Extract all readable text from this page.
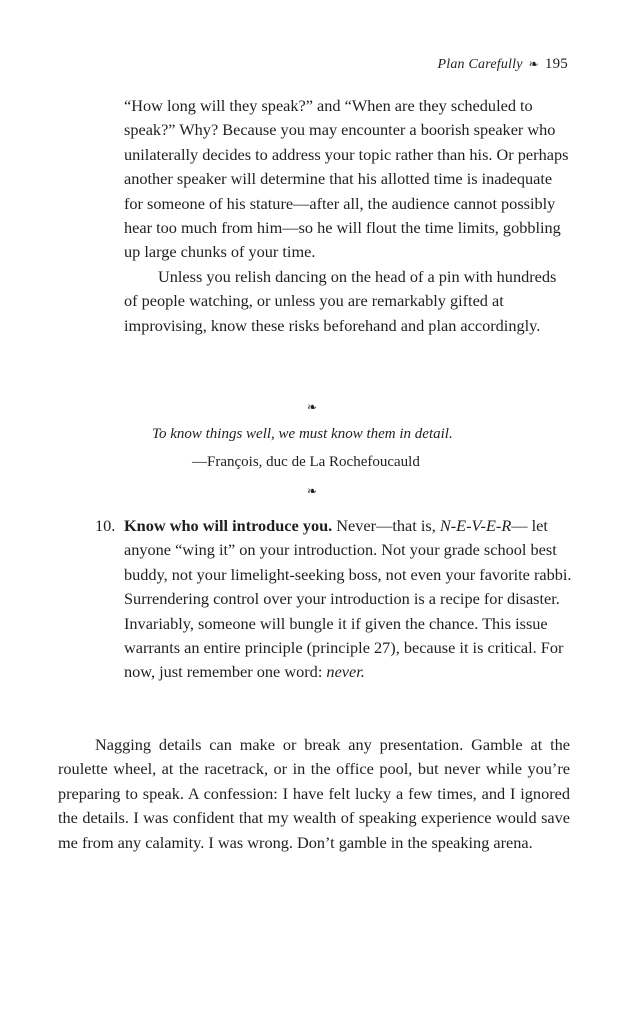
Plan Carefully ❧ 195

“How long will they speak?” and “When are they scheduled to speak?” Why? Because you may encounter a boorish speaker who unilaterally decides to address your topic rather than his. Or perhaps another speaker will determine that his allotted time is inadequate for someone of his stature—after all, the audience cannot possibly hear too much from him—so he will flout the time limits, gobbling up large chunks of your time.

Unless you relish dancing on the head of a pin with hundreds of people watching, or unless you are remarkably gifted at improvising, know these risks beforehand and plan accordingly.

❧
To know things well, we must know them in detail.
—François, duc de La Rochefoucauld
❧
10. Know who will introduce you. Never—that is, N-E-V-E-R— let anyone “wing it” on your introduction. Not your grade school best buddy, not your limelight-seeking boss, not even your favorite rabbi. Surrendering control over your introduction is a recipe for disaster. Invariably, someone will bungle it if given the chance. This issue warrants an entire principle (principle 27), because it is critical. For now, just remember one word: never.

Nagging details can make or break any presentation. Gamble at the roulette wheel, at the racetrack, or in the office pool, but never while you’re preparing to speak. A confession: I have felt lucky a few times, and I ignored the details. I was confident that my wealth of speaking experience would save me from any calamity. I was wrong. Don’t gamble in the speaking arena.
